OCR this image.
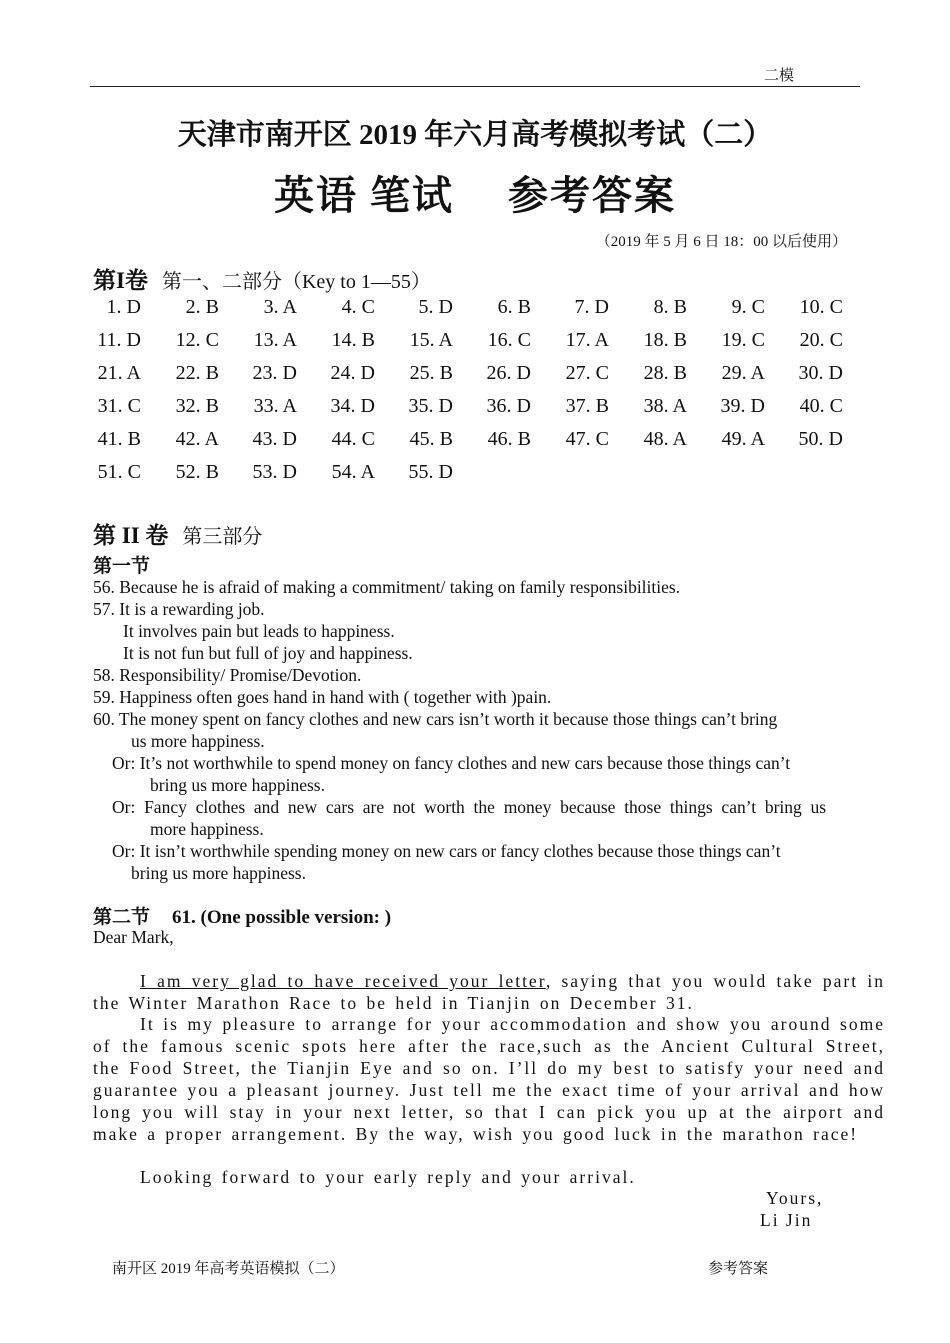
二模
天津市南开区 2019 年六月高考模拟考试（二）
英语 笔试　 参考答案
（2019 年 5 月 6 日 18：00 以后使用）
第I卷 第一、二部分（Key to 1—55）
1. D	2. B	3. A	4. C	5. D	6. B	7. D	8. B	9. C	10. C
11. D	12. C	13. A	14. B	15. A	16. C	17. A	18. B	19. C	20. C
21. A	22. B	23. D	24. D	25. B	26. D	27. C	28. B	29. A	30. D
31. C	32. B	33. A	34. D	35. D	36. D	37. B	38. A	39. D	40. C
41. B	42. A	43. D	44. C	45. B	46. B	47. C	48. A	49. A	50. D
51. C	52. B	53. D	54. A	55. D
第 II 卷 第三部分
第一节
56. Because he is afraid of making a commitment/ taking on family responsibilities.
57. It is a rewarding job.
It involves pain but leads to happiness.
It is not fun but full of joy and happiness.
58. Responsibility/ Promise/Devotion.
59. Happiness often goes hand in hand with ( together with )pain.
60. The money spent on fancy clothes and new cars isn’t worth it because those things can’t bring
us more happiness.
Or: It’s not worthwhile to spend money on fancy clothes and new cars because those things can’t
bring us more happiness.
Or:  Fancy  clothes  and  new  cars  are  not  worth  the  money  because  those  things  can’t  bring  us
more happiness.
Or: It isn’t worthwhile spending money on new cars or fancy clothes because those things can’t
bring us more happiness.
第二节 61. (One possible version: )
Dear Mark,

I am very glad to have received your letter, saying that you would take part in the Winter Marathon Race to be held in Tianjin on December 31.

It is my pleasure to arrange for your accommodation and show you around some of the famous scenic spots here after the race,such as the Ancient Cultural Street, the Food Street, the Tianjin Eye and so on. I’ll do my best to satisfy your need and guarantee you a pleasant journey. Just tell me the exact time of your arrival and how long you will stay in your next letter, so that I can pick you up at the airport and make a proper arrangement. By the way, wish you good luck in the marathon race!

Looking forward to your early reply and your arrival.

Yours,
Li Jin
南开区 2019 年高考英语模拟（二）	参考答案
